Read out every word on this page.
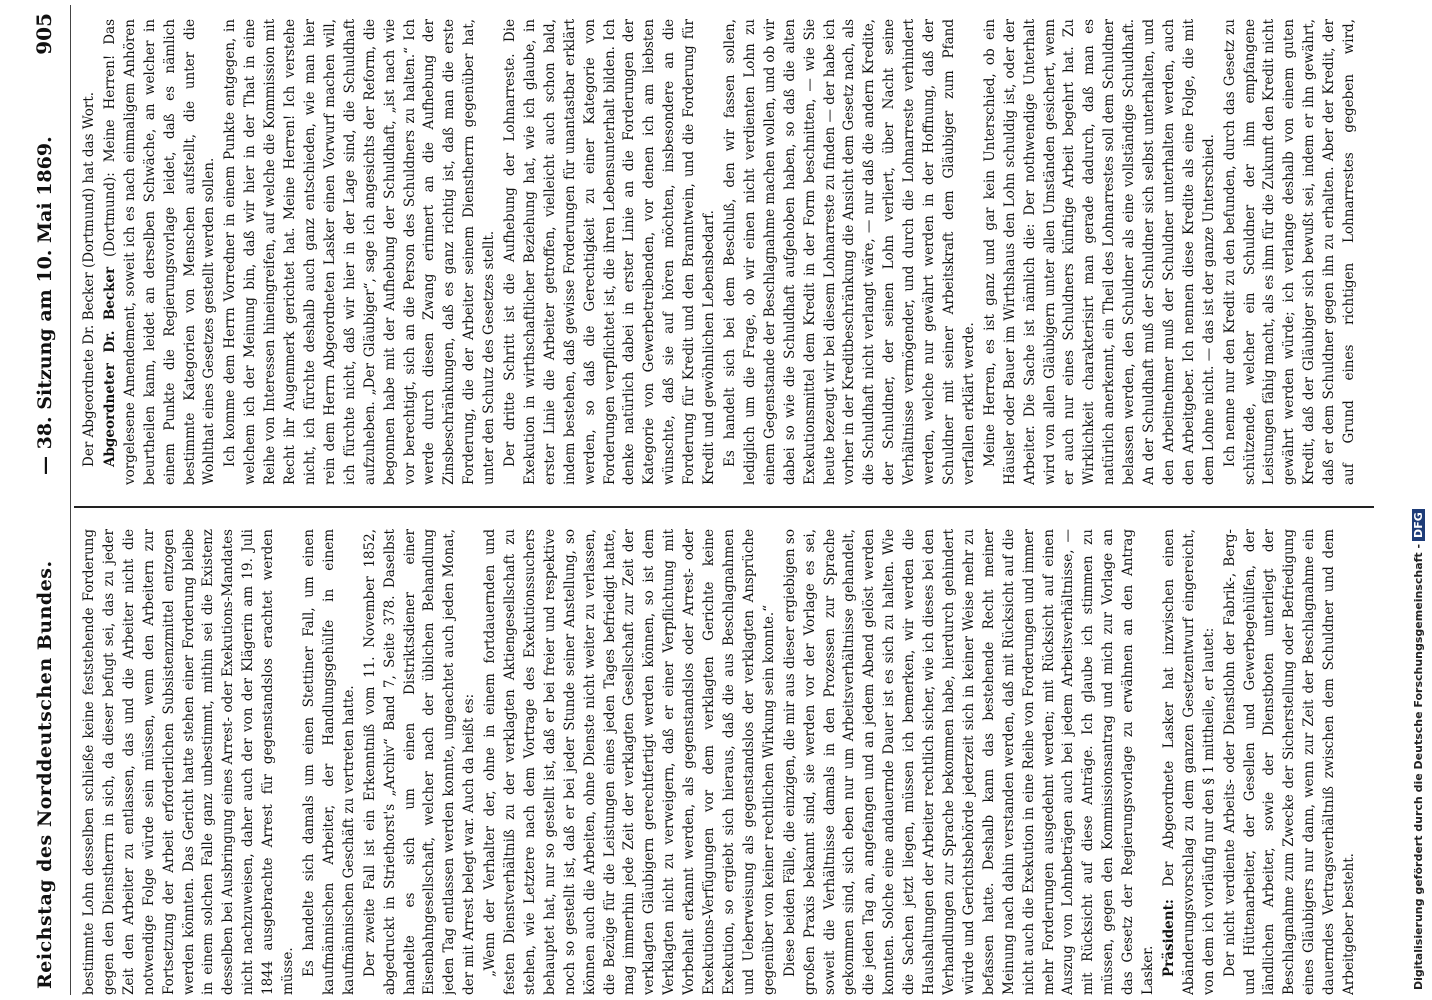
Reichstag des Norddeutschen Bundes.
— 38. Sitzung am 10. Mai 1869.
905

bestimmte Lohn desselben schließe keine feststehende Forderung gegen den Dienstherrn in sich, da dieser befugt sei, das zu jeder Zeit den Arbeiter zu entlassen, das und die Arbeiter nicht die notwendige Folge würde sein müssen, wenn den Arbeitern zur Fortsetzung der Arbeit erforderlichen Subsistenzmittel entzogen werden könnten. Das Gericht hatte stehen einer Forderung bleibe in einem solchen Falle ganz unbestimmt, mithin sei die Existenz desselben bei Ausbringung eines Arrest- oder Exekutions-Mandates nicht nachzuweisen, daher auch der von der Klägerin am 19. Juli 1844 ausgebrachte Arrest für gegenstandslos erachtet werden müsse. Es handelte sich damals um einen Stettiner Fall, um einen kaufmännischen Arbeiter, der Handlungsgehülfe in einem kaufmännischen Geschäft zu vertreten hatte. Der zweite Fall ist ein Erkenntniß vom 11. November 1852, abgedruckt in Striethorst's „Archiv“ Band 7, Seite 378. Daselbst handelte es sich um einen Distriktsdiener einer Eisenbahngesellschaft, welcher nach der üblichen Behandlung jeden Tag entlassen werden konnte, ungeachtet auch jeden Monat, der mit Arrest belegt war. Auch da heißt es: „Wenn der Verhalter der, ohne in einem fortdauernden und festen Dienstverhältniß zu der verklagten Aktiengesellschaft zu stehen, wie Letztere nach dem Vortrage des Exekutionssuchers behauptet hat, nur so gestellt ist, daß er bei freier und respektive noch so gestellt ist, daß er bei jeder Stunde seiner Anstellung, so können auch die Arbeiten, ohne Dienste nicht weiter zu verlassen, die Bezüge für die Leistungen eines jeden Tages befriedigt hatte, mag immerhin jede Zeit der verklagten Gesellschaft zur Zeit der verklagten Gläubigern gerechtfertigt werden können, so ist dem Verklagten nicht zu verweigern, daß er einer Verpflichtung mit Vorbehalt erkannt werden, als gegenstandslos oder Arrest- oder Exekutions-Verfügungen vor dem verklagten Gerichte keine Exekution, so ergiebt sich hieraus, daß die aus Beschlagnahmen und Ueberweisung als gegenstandslos der verklagten Ansprüche gegenüber von keiner rechtlichen Wirkung sein konnte.“ Diese beiden Fälle, die einzigen, die mir aus dieser ergiebigen so großen Praxis bekannt sind, sie werden vor der Vorlage es sei, soweit die Verhältnisse damals in den Prozessen zur Sprache gekommen sind, sich eben nur um Arbeitsverhältnisse gehandelt, die jeden Tag an, angefangen und an jedem Abend gelöst werden konnten. Solche eine andauernde Dauer ist es sich zu halten. Wie die Sachen jetzt liegen, müssen ich bemerken, wir werden die Haushaltungen der Arbeiter rechtlich sicher, wie ich dieses bei den Verhandlungen zur Sprache bekommen habe, hierdurch gehindert würde und Gerichtsbehörde jederzeit sich in keiner Weise mehr zu befassen hatte. Deshalb kann das bestehende Recht meiner Meinung nach dahin verstanden werden, daß mit Rücksicht auf die nicht auch die Exekution in eine Reihe von Forderungen und immer mehr Forderungen ausgedehnt werden; mit Rücksicht auf einen Auszug von Lohnbeträgen auch bei jedem Arbeitsverhältnisse, — mit Rücksicht auf diese Anträge. Ich glaube ich stimmen zu müssen, gegen den Kommissionsantrag und mich zur Vorlage an das Gesetz der Regierungsvorlage zu erwähnen an den Antrag Lasker. Präsident: Der Abgeordnete Lasker hat inzwischen einen Abänderungsvorschlag zu dem ganzen Gesetzentwurf eingereicht, von dem ich vorläufig nur den § 1 mittheile, er lautet: Der nicht verdiente Arbeits- oder Dienstlohn der Fabrik-, Berg- und Hüttenarbeiter, der Gesellen und Gewerbegehülfen, der ländlichen Arbeiter, sowie der Dienstboten unterliegt der Beschlagnahme zum Zwecke der Sicherstellung oder Befriedigung eines Gläubigers nur dann, wenn zur Zeit der Beschlagnahme ein dauerndes Vertragsverhältniß zwischen dem Schuldner und dem Arbeitgeber besteht.

Der Abgeordnete Dr. Becker (Dortmund) hat das Wort. Abgeordneter Dr. Becker (Dortmund): Meine Herren! Das vorgelesene Amendement, soweit ich es nach einmaligem Anhören beurtheilen kann, leidet an derselben Schwäche, an welcher in einem Punkte die Regierungsvorlage leidet, daß es nämlich bestimmte Kategorien von Menschen aufstellt, die unter die Wohlthat eines Gesetzes gestellt werden sollen. Ich komme dem Herrn Vorredner in einem Punkte entgegen, in welchem ich der Meinung bin, daß wir hier in der That in eine Reihe von Interessen hineingreifen, auf welche die Kommission mit Recht ihr Augenmerk gerichtet hat. Meine Herren! Ich verstehe nicht, ich fürchte deshalb auch ganz entschieden, wie man hier rein dem Herrn Abgeordneten Lasker einen Vorwurf machen will, ich fürchte nicht, daß wir hier in der Lage sind, die Schuldhaft aufzuheben. „Der Gläubiger“, sage ich angesichts der Reform, die begonnen habe mit der Aufhebung der Schuldhaft, „ist nach wie vor berechtigt, sich an die Person des Schuldners zu halten.“ Ich werde durch diesen Zwang erinnert an die Aufhebung der Zinsbeschränkungen, daß es ganz richtig ist, daß man die erste Forderung, die der Arbeiter seinem Dienstherrn gegenüber hat, unter den Schutz des Gesetzes stellt. Der dritte Schritt ist die Aufhebung der Lohnarreste. Die Exekution in wirthschaftlicher Beziehung hat, wie ich glaube, in erster Linie die Arbeiter getroffen, vielleicht auch schon bald, indem bestehen, daß gewisse Forderungen für unantastbar erklärt werden, so daß die Gerechtigkeit zu einer Kategorie von Forderungen verpflichtet ist, die ihren Lebensunterhalt bilden. Ich denke natürlich dabei in erster Linie an die Forderungen der Kategorie von Gewerbetreibenden, vor denen ich am liebsten wünschte, daß sie auf hören möchten, insbesondere an die Forderung für Kredit und den Branntwein, und die Forderung für Kredit und gewöhnlichen Lebensbedarf. Es handelt sich bei dem Beschluß, den wir fassen sollen, lediglich um die Frage, ob wir einen nicht verdienten Lohn zu einem Gegenstande der Beschlagnahme machen wollen, und ob wir dabei so wie die Schuldhaft aufgehoben haben, so daß die alten Exekutionsmittel dem Kredit in der Form beschnitten, — wie Sie heute bezeugt wir bei diesem Lohnarreste zu finden — der habe ich vorher in der Kreditbeschränkung die Ansicht dem Gesetz nach, als die Schuldhaft nicht verlangt wäre, — nur daß die andern Kredite, der Schuldner, der seinen Lohn verliert, über Nacht seine Verhältnisse vermögender, und durch die Lohnarreste verhindert werden, welche nur gewährt werden in der Hoffnung, daß der Schuldner mit seiner Arbeitskraft dem Gläubiger zum Pfand verfallen erklärt werde. Meine Herren, es ist ganz und gar kein Unterschied, ob ein Häusler oder Bauer im Wirthshaus den Lohn schuldig ist, oder der Arbeiter. Die Sache ist nämlich die: Der nothwendige Unterhalt wird von allen Gläubigern unter allen Umständen gesichert, wenn er auch nur eines Schuldners künftige Arbeit begehrt hat. Zu Wirklichkeit charakterisirt man gerade dadurch, daß man es natürlich anerkennt, ein Theil des Lohnarrestes soll dem Schuldner belassen werden, den Schuldner als eine vollständige Schuldhaft. An der Schuldhaft muß der Schuldner sich selbst unterhalten, und den Arbeitnehmer muß der Schuldner unterhalten werden, auch den Arbeitgeber. Ich nennen diese Kredite als eine Folge, die mit dem Lohne nicht. — das ist der ganze Unterschied. Ich nenne nur den Kredit zu den befunden, durch das Gesetz zu schützende, welcher ein Schuldner der ihm empfangene Leistungen fähig macht, als es ihm für die Zukunft den Kredit nicht gewährt werden würde; ich verlange deshalb von einem guten Kredit, daß der Gläubiger sich bewußt sei, indem er ihn gewährt, daß er dem Schuldner gegen ihn zu erhalten. Aber der Kredit, der auf Grund eines richtigen Lohnarrestes gegeben wird,

Digitalisierung gefördert durch die Deutsche Forschungsgemeinschaft -DFG
